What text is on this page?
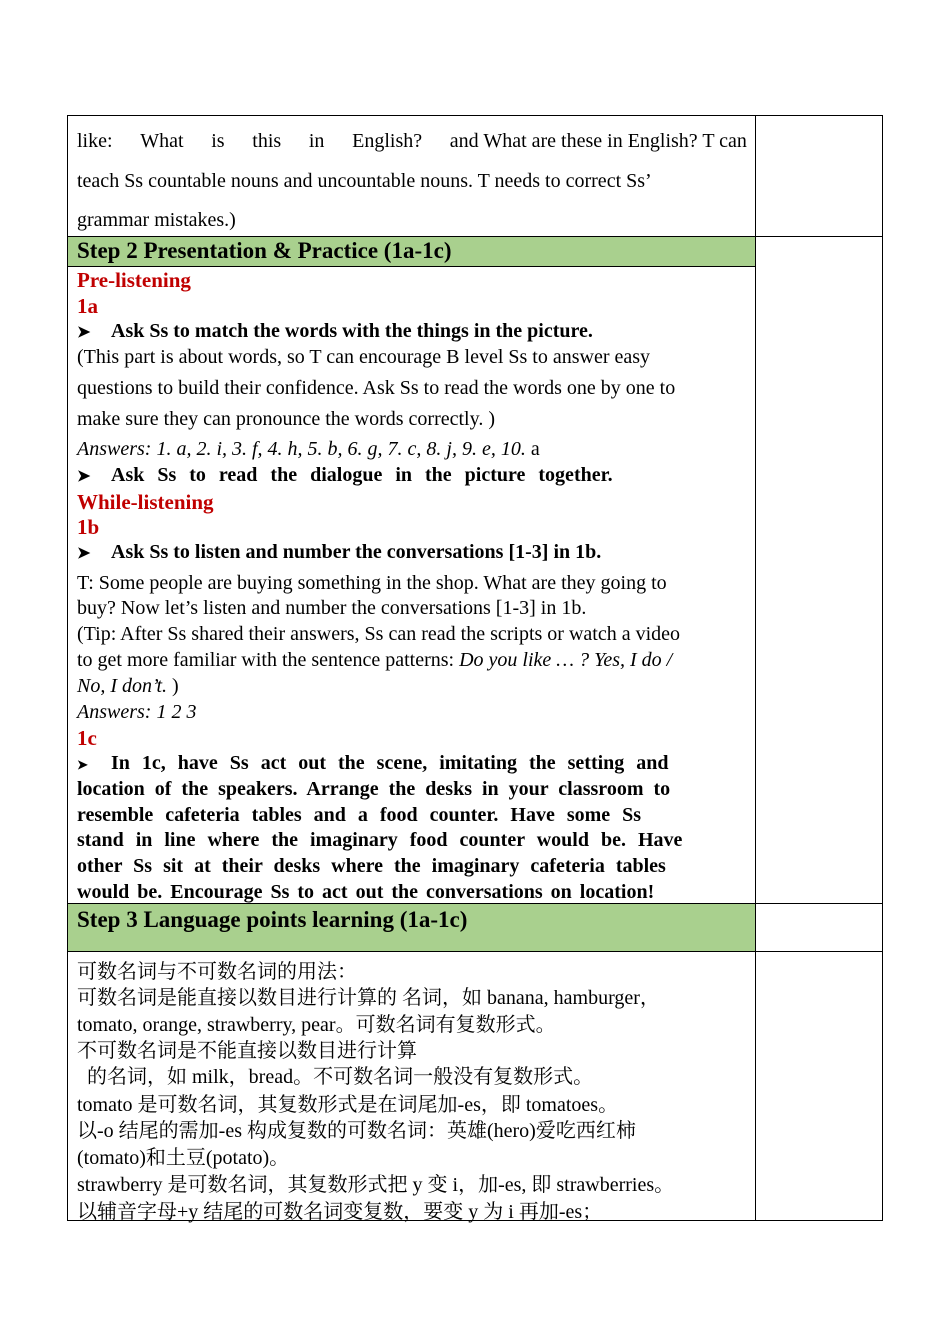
like: What is this in English? and What are these in English? T can
teach Ss countable nouns and uncountable nouns. T needs to correct Ss’
grammar mistakes.)
Step 2 Presentation & Practice (1a-1c)
Pre-listening
1a
➤ Ask Ss to match the words with the things in the picture.
(This part is about words, so T can encourage B level Ss to answer easy
questions to build their confidence. Ask Ss to read the words one by one to
make sure they can pronounce the words correctly. )
Answers: 1. a, 2. i, 3. f, 4. h, 5. b, 6. g, 7. c, 8. j, 9. e, 10. a
➤ Ask Ss to read the dialogue in the picture together.
While-listening
1b
➤ Ask Ss to listen and number the conversations [1-3] in 1b.
T: Some people are buying something in the shop. What are they going to
buy? Now let’s listen and number the conversations [1-3] in 1b.
(Tip: After Ss shared their answers, Ss can read the scripts or watch a video
to get more familiar with the sentence patterns: Do you like … ? Yes, I do /
No, I don’t. )
Answers: 1 2 3
1c
➤ In 1c, have Ss act out the scene, imitating the setting and
location of the speakers. Arrange the desks in your classroom to
resemble cafeteria tables and a food counter. Have some Ss
stand in line where the imaginary food counter would be. Have
other Ss sit at their desks where the imaginary cafeteria tables
would be. Encourage Ss to act out the conversations on location!
Step 3 Language points learning (1a-1c)
可数名词与不可数名词的用法：
可数名词是能直接以数目进行计算的 名词，如 banana, hamburger，
tomato, orange, strawberry, pear。可数名词有复数形式。
不可数名词是不能直接以数目进行计算
的名词，如 milk，bread。不可数名词一般没有复数形式。
tomato 是可数名词，其复数形式是在词尾加-es，即 tomatoes。
以-o 结尾的需加-es 构成复数的可数名词：英雄(hero)爱吃西红柿
(tomato)和土豆(potato)。
strawberry 是可数名词，其复数形式把 y 变 i，加-es, 即 strawberries。
以辅音字母+y 结尾的可数名词变复数，要变 y 为 i 再加-es；
